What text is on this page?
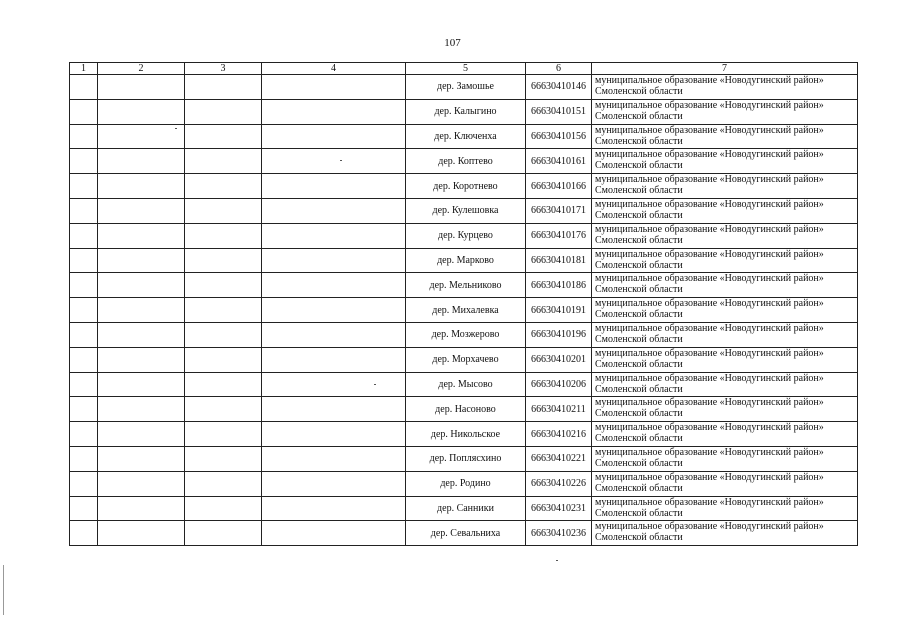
107
1	2	3	4	5	6	7
				дер. Замошье	66630410146	муниципальное образование «Новодугинский район»
Смоленской области

				дер. Калыгино	66630410151	муниципальное образование «Новодугинский район»
Смоленской области

				дер. Ключенха	66630410156	муниципальное образование «Новодугинский район»
Смоленской области

				дер. Коптево	66630410161	муниципальное образование «Новодугинский район»
Смоленской области

				дер. Коротнево	66630410166	муниципальное образование «Новодугинский район»
Смоленской области

				дер. Кулешовка	66630410171	муниципальное образование «Новодугинский район»
Смоленской области

				дер. Курцево	66630410176	муниципальное образование «Новодугинский район»
Смоленской области

				дер. Марково	66630410181	муниципальное образование «Новодугинский район»
Смоленской области

				дер. Мельниково	66630410186	муниципальное образование «Новодугинский район»
Смоленской области

				дер. Михалевка	66630410191	муниципальное образование «Новодугинский район»
Смоленской области

				дер. Мозжерово	66630410196	муниципальное образование «Новодугинский район»
Смоленской области

				дер. Морхачево	66630410201	муниципальное образование «Новодугинский район»
Смоленской области

				дер. Мысово	66630410206	муниципальное образование «Новодугинский район»
Смоленской области

				дер. Насоново	66630410211	муниципальное образование «Новодугинский район»
Смоленской области

				дер. Никольское	66630410216	муниципальное образование «Новодугинский район»
Смоленской области

				дер. Поплясхино	66630410221	муниципальное образование «Новодугинский район»
Смоленской области

				дер. Родино	66630410226	муниципальное образование «Новодугинский район»
Смоленской области

				дер. Санники	66630410231	муниципальное образование «Новодугинский район»
Смоленской области

				дер. Севальниха	66630410236	муниципальное образование «Новодугинский район»
Смоленской области
